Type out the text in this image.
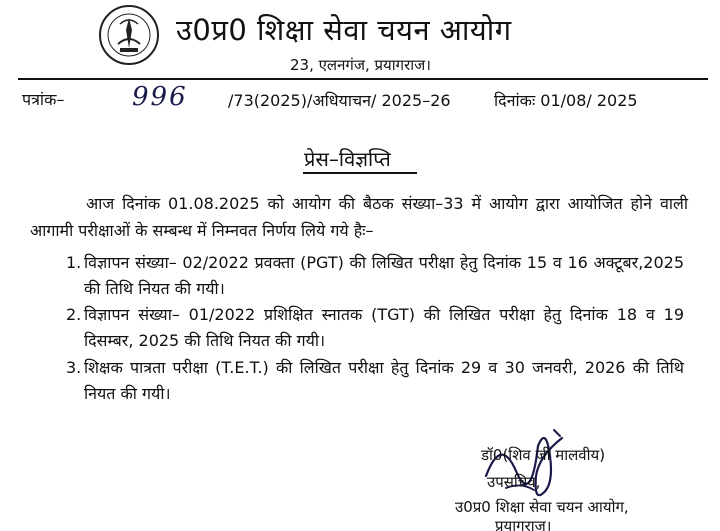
उ0प्र0 शिक्षा सेवा चयन आयोग
23, एलनगंज, प्रयागराज।
पत्रांक–	996	/73(2025)/अधियाचन/ 2025–26	दिनांकः 01/08/ 2025
प्रेस–विज्ञप्ति
आज दिनांक 01.08.2025 को आयोग की बैठक संख्या–33 में आयोग द्वारा आयोजित होने वाली आगामी परीक्षाओं के सम्बन्ध में निम्नवत निर्णय लिये गये हैः–
1. विज्ञापन संख्या– 02/2022 प्रवक्ता (PGT) की लिखित परीक्षा हेतु दिनांक 15 व 16 अक्टूबर,2025 की तिथि नियत की गयी।
2. विज्ञापन संख्या– 01/2022 प्रशिक्षित स्नातक (TGT) की लिखित परीक्षा हेतु दिनांक 18 व 19 दिसम्बर, 2025 की तिथि नियत की गयी।
3. शिक्षक पात्रता परीक्षा (T.E.T.) की लिखित परीक्षा हेतु दिनांक 29 व 30 जनवरी, 2026 की तिथि नियत की गयी।
डॉ0(शिव जी मालवीय)
उपसचिव,
उ0प्र0 शिक्षा सेवा चयन आयोग,
प्रयागराज।
